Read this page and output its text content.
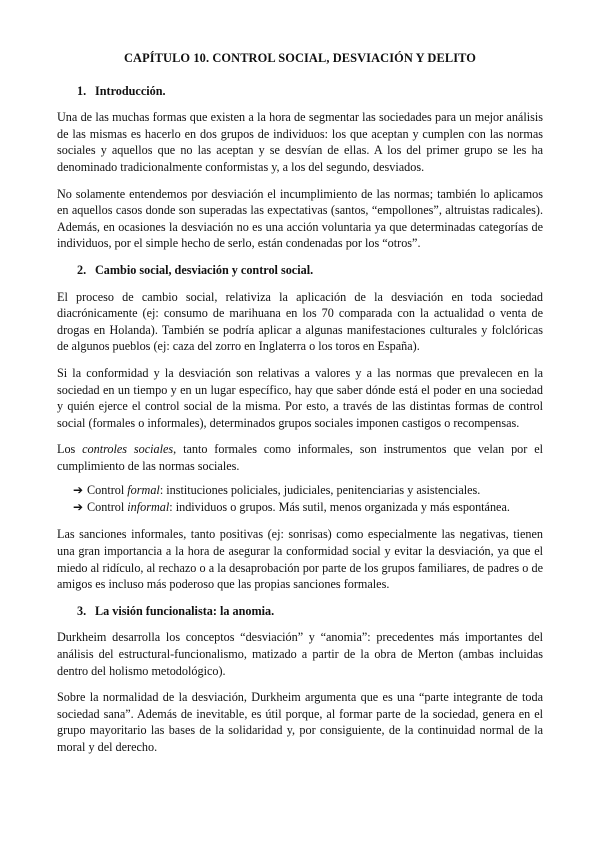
CAPÍTULO 10. CONTROL SOCIAL, DESVIACIÓN Y DELITO
1. Introducción.

Una de las muchas formas que existen a la hora de segmentar las sociedades para un mejor análisis de las mismas es hacerlo en dos grupos de individuos: los que aceptan y cumplen con las normas sociales y aquellos que no las aceptan y se desvían de ellas. A los del primer grupo se les ha denominado tradicionalmente conformistas y, a los del segundo, desviados.

No solamente entendemos por desviación el incumplimiento de las normas; también lo aplicamos en aquellos casos donde son superadas las expectativas (santos, “empollones”, altruistas radicales). Además, en ocasiones la desviación no es una acción voluntaria ya que determinadas categorías de individuos, por el simple hecho de serlo, están condenadas por los “otros”.

2. Cambio social, desviación y control social.

El proceso de cambio social, relativiza la aplicación de la desviación en toda sociedad diacrónicamente (ej: consumo de marihuana en los 70 comparada con la actualidad o venta de drogas en Holanda). También se podría aplicar a algunas manifestaciones culturales y folclóricas de algunos pueblos (ej: caza del zorro en Inglaterra o los toros en España).

Si la conformidad y la desviación son relativas a valores y a las normas que prevalecen en la sociedad en un tiempo y en un lugar específico, hay que saber dónde está el poder en una sociedad y quién ejerce el control social de la misma. Por esto, a través de las distintas formas de control social (formales o informales), determinados grupos sociales imponen castigos o recompensas.

Los controles sociales, tanto formales como informales, son instrumentos que velan por el cumplimiento de las normas sociales.

➔ Control formal: instituciones policiales, judiciales, penitenciarias y asistenciales.
➔ Control informal: individuos o grupos. Más sutil, menos organizada y más espontánea.

Las sanciones informales, tanto positivas (ej: sonrisas) como especialmente las negativas, tienen una gran importancia a la hora de asegurar la conformidad social y evitar la desviación, ya que el miedo al ridículo, al rechazo o a la desaprobación por parte de los grupos familiares, de padres o de amigos es incluso más poderoso que las propias sanciones formales.

3. La visión funcionalista: la anomia.

Durkheim desarrolla los conceptos “desviación” y “anomia”: precedentes más importantes del análisis del estructural-funcionalismo, matizado a partir de la obra de Merton (ambas incluidas dentro del holismo metodológico).

Sobre la normalidad de la desviación, Durkheim argumenta que es una “parte integrante de toda sociedad sana”. Además de inevitable, es útil porque, al formar parte de la sociedad, genera en el grupo mayoritario las bases de la solidaridad y, por consiguiente, de la continuidad normal de la moral y del derecho.
